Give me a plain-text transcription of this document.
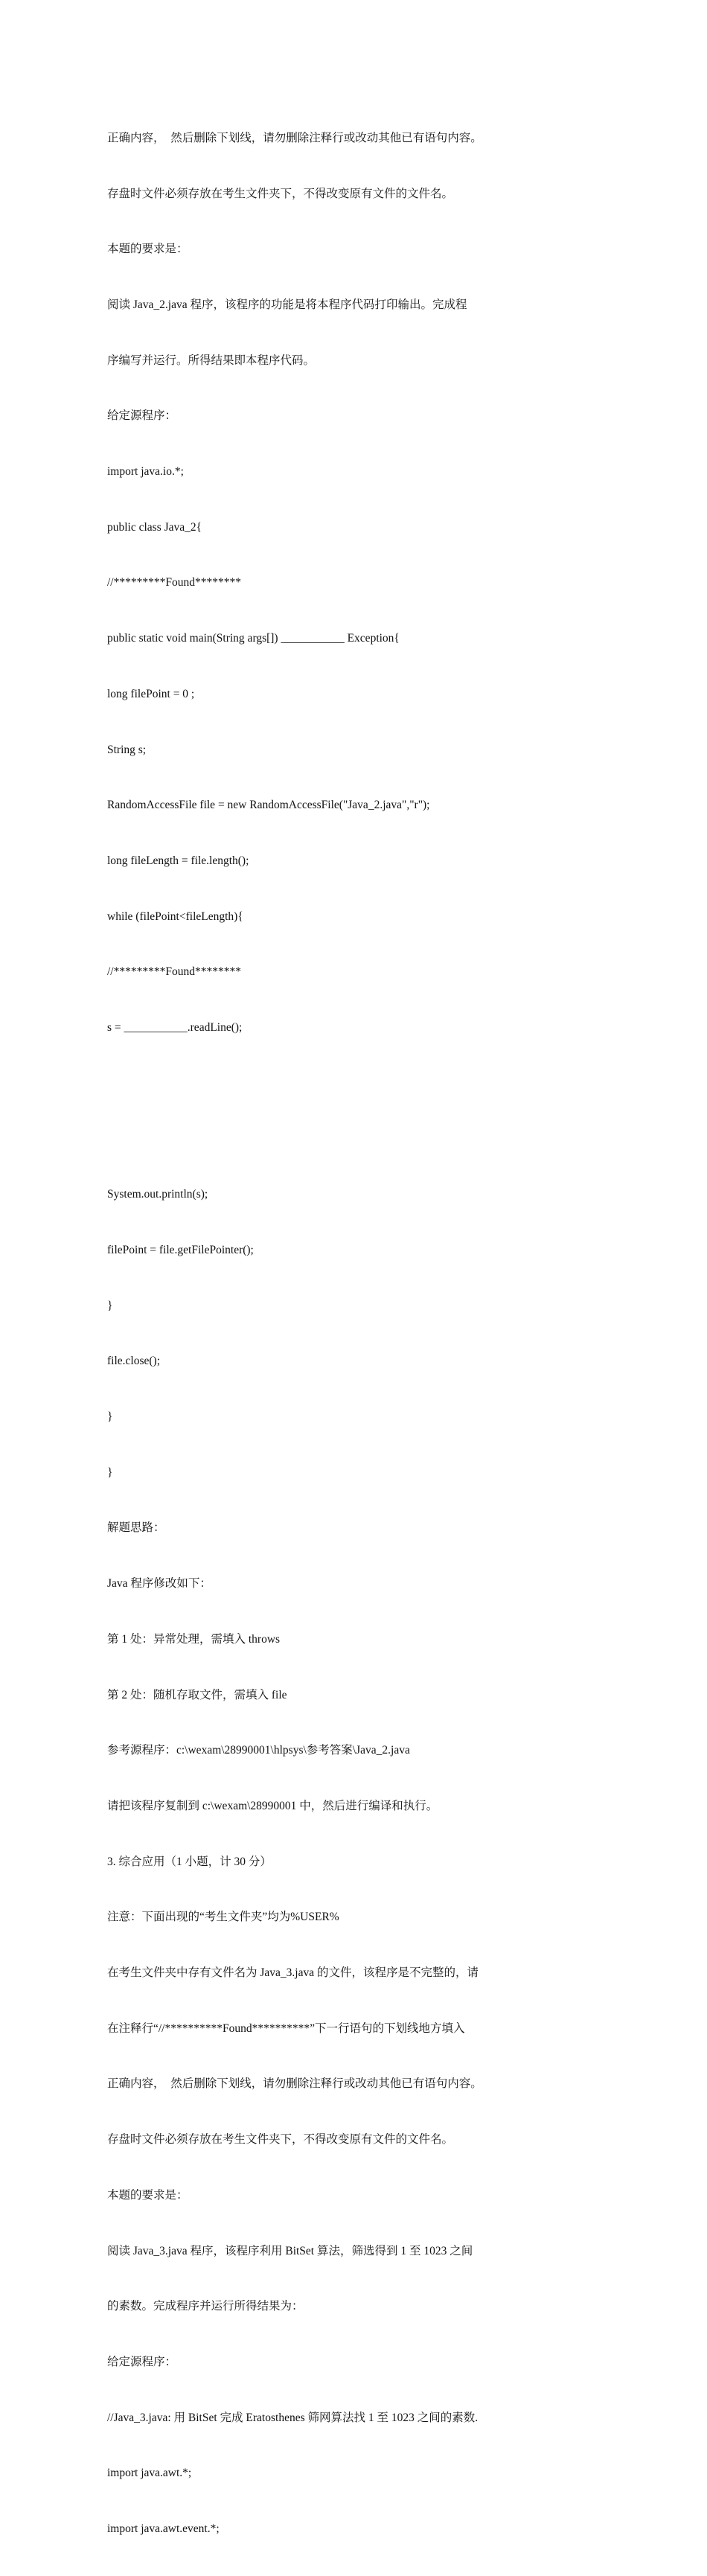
正确内容，  然后删除下划线，请勿删除注释行或改动其他已有语句内容。

存盘时文件必须存放在考生文件夹下，不得改变原有文件的文件名。

本题的要求是：

阅读 Java_2.java 程序，该程序的功能是将本程序代码打印输出。完成程

序编写并运行。所得结果即本程序代码。

给定源程序：

import java.io.*;

public class Java_2{

//*********Found********

public static void main(String args[]) ___________ Exception{

long filePoint = 0 ;

String s;

RandomAccessFile file = new RandomAccessFile("Java_2.java","r");

long fileLength = file.length();

while (filePoint<fileLength){

//*********Found********

s = ___________.readLine();

System.out.println(s);

filePoint = file.getFilePointer();

}

file.close();

}

}

解题思路：

Java 程序修改如下：

第 1 处：异常处理，需填入 throws

第 2 处：随机存取文件，需填入 file

参考源程序：c:\wexam\28990001\hlpsys\参考答案\Java_2.java

请把该程序复制到 c:\wexam\28990001 中，然后进行编译和执行。

3. 综合应用（1 小题，计 30 分）

注意：下面出现的“考生文件夹”均为%USER%

在考生文件夹中存有文件名为 Java_3.java 的文件，该程序是不完整的，请

在注释行“//**********Found**********”下一行语句的下划线地方填入

正确内容，  然后删除下划线，请勿删除注释行或改动其他已有语句内容。

存盘时文件必须存放在考生文件夹下，不得改变原有文件的文件名。

本题的要求是：

阅读 Java_3.java 程序，该程序利用 BitSet 算法，筛选得到 1 至 1023 之间

的素数。完成程序并运行所得结果为：

给定源程序：

//Java_3.java: 用 BitSet 完成 Eratosthenes 筛网算法找 1 至 1023 之间的素数.

import java.awt.*;

import java.awt.event.*;
